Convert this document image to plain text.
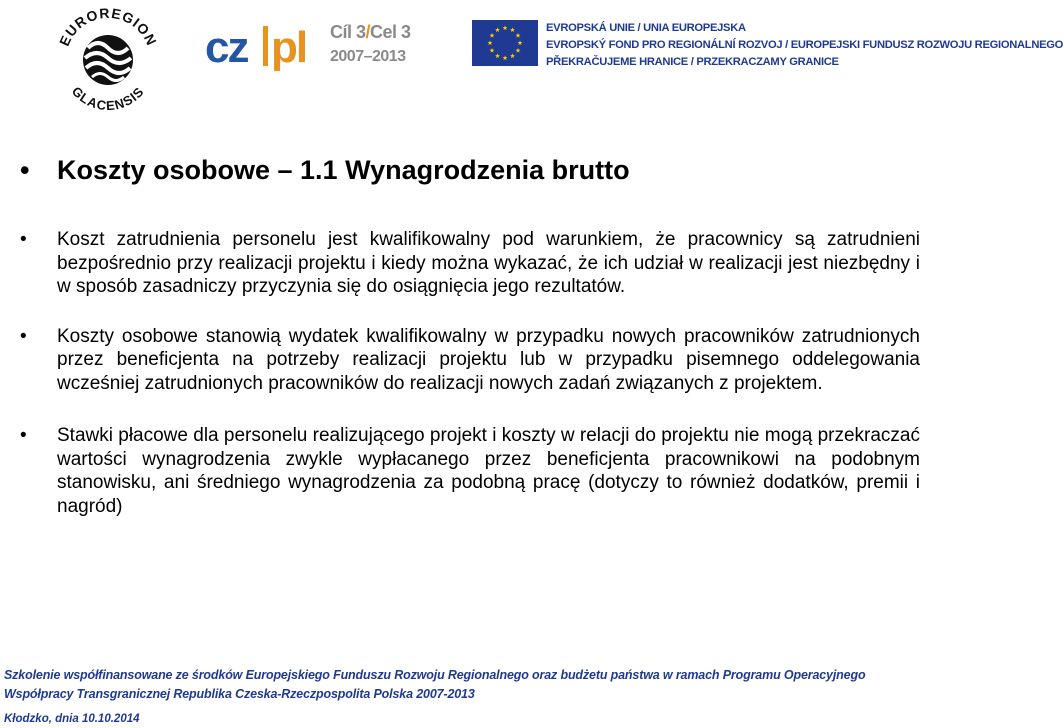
EUROREGION
GLACENSIS
cz pl Cíl 3/Cel 3
2007–2013
EVROPSKÁ UNIE / UNIA EUROPEJSKA
EVROPSKÝ FOND PRO REGIONÁLNÍ ROZVOJ / EUROPEJSKI FUNDUSZ ROZWOJU REGIONALNEGO
PŘEKRAČUJEME HRANICE / PRZEKRACZAMY GRANICE
• Koszty osobowe – 1.1 Wynagrodzenia brutto
• Koszt zatrudnienia personelu jest kwalifikowalny pod warunkiem, że pracownicy są zatrudnieni bezpośrednio przy realizacji projektu i kiedy można wykazać, że ich udział w realizacji jest niezbędny i w sposób zasadniczy przyczynia się do osiągnięcia jego rezultatów.
• Koszty osobowe stanowią wydatek kwalifikowalny w przypadku nowych pracowników zatrudnionych przez beneficjenta na potrzeby realizacji projektu lub w przypadku pisemnego oddelegowania wcześniej zatrudnionych pracowników do realizacji nowych zadań związanych z projektem.
• Stawki płacowe dla personelu realizującego projekt i koszty w relacji do projektu nie mogą przekraczać wartości wynagrodzenia zwykle wypłacanego przez beneficjenta pracownikowi na podobnym stanowisku, ani średniego wynagrodzenia za podobną pracę (dotyczy to również dodatków, premii i nagród)
Szkolenie współfinansowane ze środków Europejskiego Funduszu Rozwoju Regionalnego oraz budżetu państwa w ramach Programu Operacyjnego
Współpracy Transgranicznej Republika Czeska-Rzeczpospolita Polska 2007-2013
Kłodzko, dnia 10.10.2014
